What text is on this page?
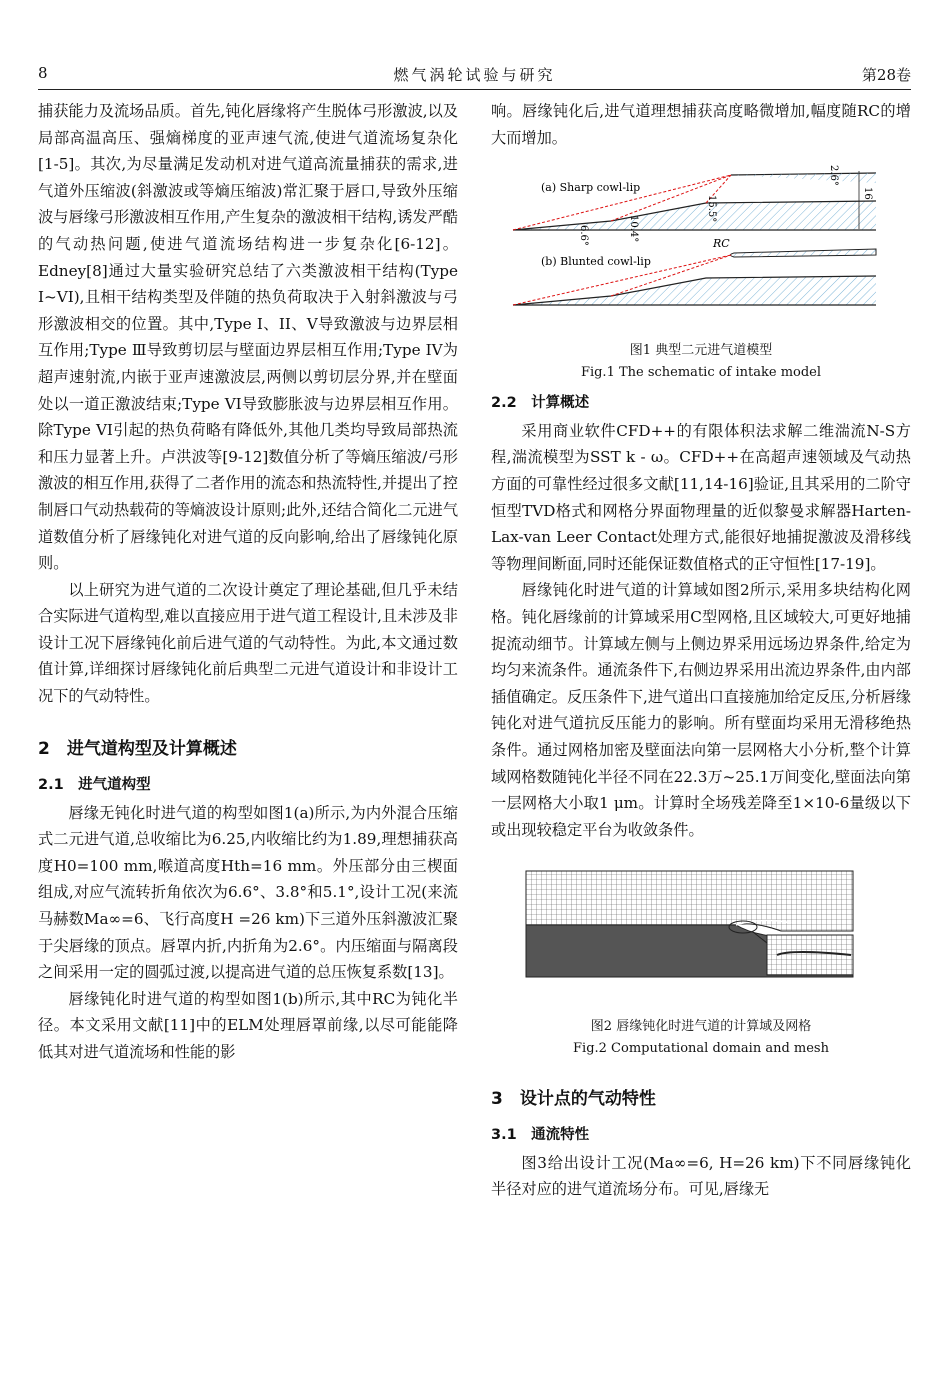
8	燃气涡轮试验与研究	第28卷

捕获能力及流场品质。首先,钝化唇缘将产生脱体弓形激波,以及局部高温高压、强熵梯度的亚声速气流,使进气道流场复杂化[1-5]。其次,为尽量满足发动机对进气道高流量捕获的需求,进气道外压缩波(斜激波或等熵压缩波)常汇聚于唇口,导致外压缩波与唇缘弓形激波相互作用,产生复杂的激波相干结构,诱发严酷的气动热问题,使进气道流场结构进一步复杂化[6-12]。Edney[8]通过大量实验研究总结了六类激波相干结构(Type I~VI),且相干结构类型及伴随的热负荷取决于入射斜激波与弓形激波相交的位置。其中,Type I、II、V导致激波与边界层相互作用;Type Ⅲ导致剪切层与壁面边界层相互作用;Type IV为超声速射流,内嵌于亚声速激波层,两侧以剪切层分界,并在壁面处以一道正激波结束;Type VI导致膨胀波与边界层相互作用。除Type VI引起的热负荷略有降低外,其他几类均导致局部热流和压力显著上升。卢洪波等[9-12]数值分析了等熵压缩波/弓形激波的相互作用,获得了二者作用的流态和热流特性,并提出了控制唇口气动热载荷的等熵波设计原则;此外,还结合简化二元进气道数值分析了唇缘钝化对进气道的反向影响,给出了唇缘钝化原则。

以上研究为进气道的二次设计奠定了理论基础,但几乎未结合实际进气道构型,难以直接应用于进气道工程设计,且未涉及非设计工况下唇缘钝化前后进气道的气动特性。为此,本文通过数值计算,详细探讨唇缘钝化前后典型二元进气道设计和非设计工况下的气动特性。

2　进气道构型及计算概述
2.1　进气道构型

唇缘无钝化时进气道的构型如图1(a)所示,为内外混合压缩式二元进气道,总收缩比为6.25,内收缩比约为1.89,理想捕获高度H0=100 mm,喉道高度Hth=16 mm。外压部分由三楔面组成,对应气流转折角依次为6.6°、3.8°和5.1°,设计工况(来流马赫数Ma∞=6、飞行高度H =26 km)下三道外压斜激波汇聚于尖唇缘的顶点。唇罩内折,内折角为2.6°。内压缩面与隔离段之间采用一定的圆弧过渡,以提高进气道的总压恢复系数[13]。

唇缘钝化时进气道的构型如图1(b)所示,其中RC为钝化半径。本文采用文献[11]中的ELM处理唇罩前缘,以尽可能能降低其对进气道流场和性能的影

响。唇缘钝化后,进气道理想捕获高度略微增加,幅度随RC的增大而增加。

(a) Sharp cowl-lip
6.6°	10.4°
15.5°
2.6°
16
(b) Blunted cowl-lip
RC
图1 典型二元进气道模型
Fig.1 The schematic of intake model
2.2　计算概述

采用商业软件CFD++的有限体积法求解二维湍流N-S方程,湍流模型为SST k - ω。CFD++在高超声速领域及气动热方面的可靠性经过很多文献[11,14-16]验证,且其采用的二阶守恒型TVD格式和网格分界面物理量的近似黎曼求解器Harten-Lax-van Leer Contact处理方式,能很好地捕捉激波及滑移线等物理间断面,同时还能保证数值格式的正守恒性[17-19]。

唇缘钝化时进气道的计算域如图2所示,采用多块结构化网格。钝化唇缘前的计算域采用C型网格,且区域较大,可更好地捕捉流动细节。计算域左侧与上侧边界采用远场边界条件,给定为均匀来流条件。通流条件下,右侧边界采用出流边界条件,由内部插值确定。反压条件下,进气道出口直接施加给定反压,分析唇缘钝化对进气道抗反压能力的影响。所有壁面均采用无滑移绝热条件。通过网格加密及壁面法向第一层网格大小分析,整个计算域网格数随钝化半径不同在22.3万~25.1万间变化,壁面法向第一层网格大小取1 μm。计算时全场残差降至1×10-6量级以下或出现较稳定平台为收敛条件。

图2 唇缘钝化时进气道的计算域及网格
Fig.2 Computational domain and mesh
3　设计点的气动特性
3.1　通流特性

图3给出设计工况(Ma∞=6, H=26 km)下不同唇缘钝化半径对应的进气道流场分布。可见,唇缘无
